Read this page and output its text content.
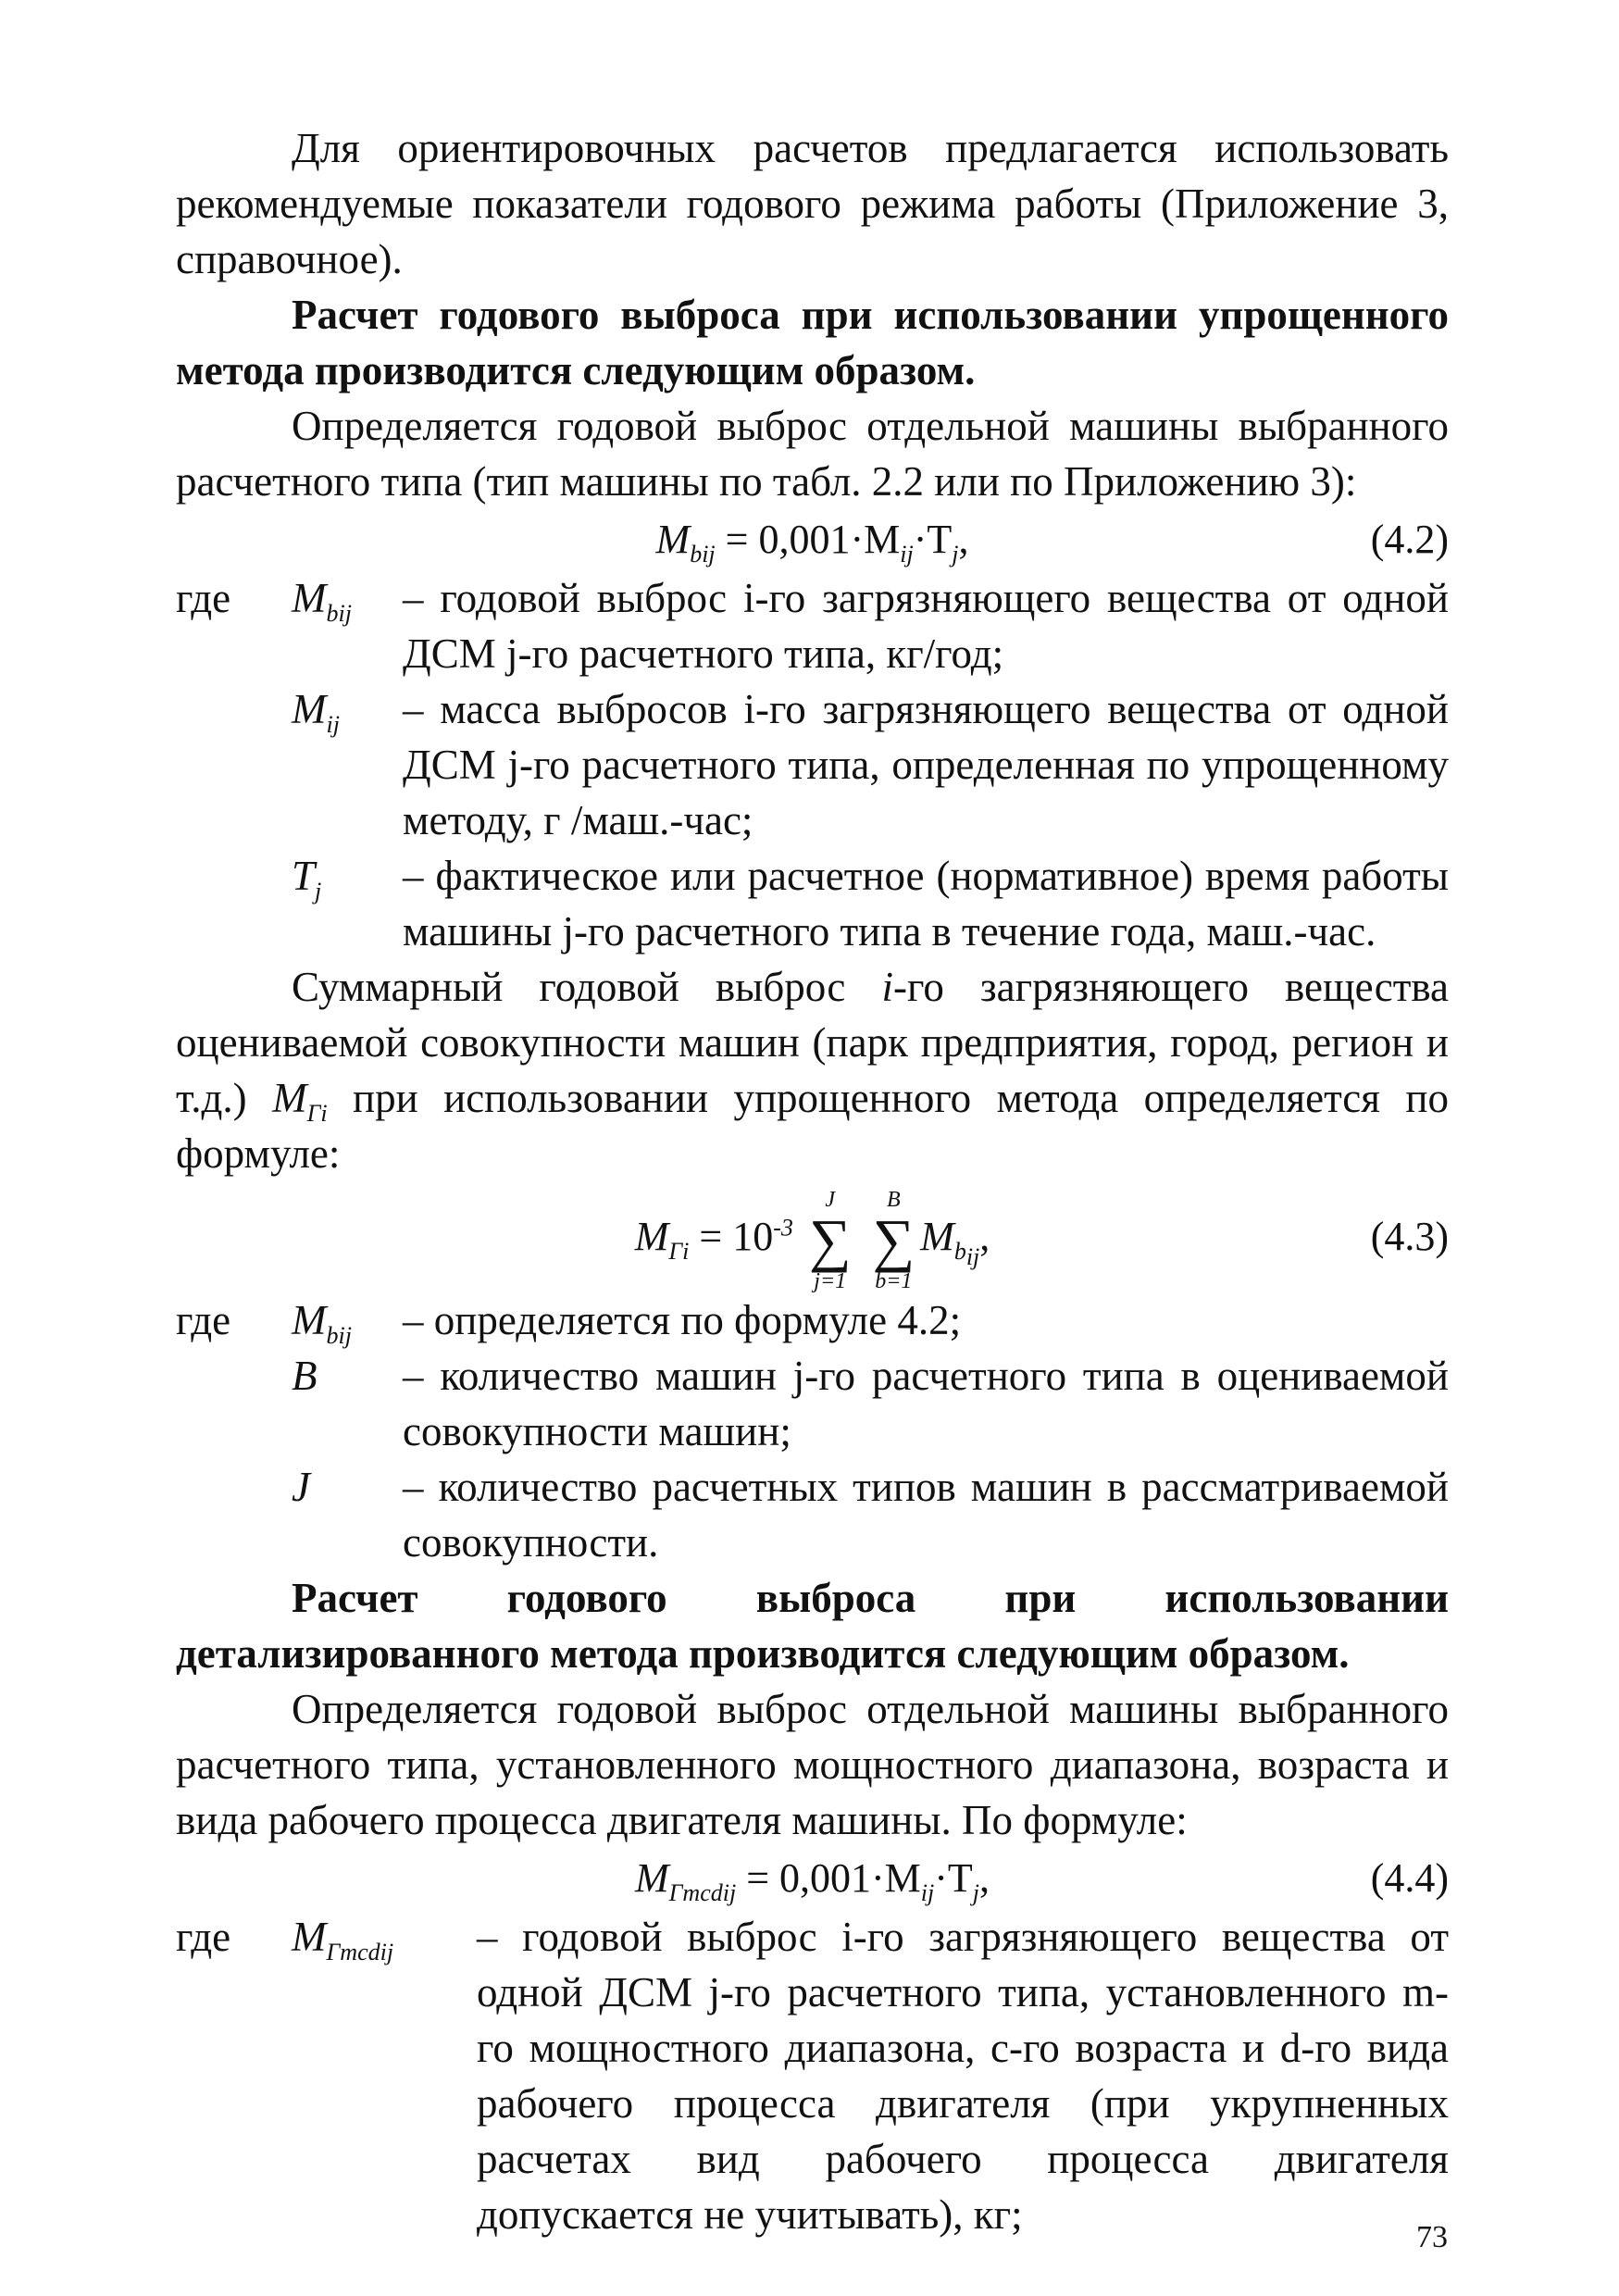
Для ориентировочных расчетов предлагается использовать рекомендуемые показатели годового режима работы (Приложение 3, справочное).

Расчет годового выброса при использовании упрощенного метода производится следующим образом.

Определяется годовой выброс отдельной машины выбранного расчетного типа (тип машины по табл. 2.2 или по Приложению 3):

$M_{bij} = 0,001\cdot M_{ij}\cdot T_j$,	(4.2)
где	$M_{bij}$	– годовой выброс i-го загрязняющего вещества от одной ДСМ j-го расчетного типа, кг/год;
$M_{ij}$	– масса выбросов i-го загрязняющего вещества от одной ДСМ j-го расчетного типа, определенная по упрощенному методу, г /маш.-час;
$T_j$	– фактическое или расчетное (нормативное) время работы машины j-го расчетного типа в течение года, маш.-час.

Суммарный годовой выброс i-го загрязняющего вещества оцениваемой совокупности машин (парк предприятия, город, регион и т.д.) $M_{Гi}$ при использовании упрощенного метода определяется по формуле:

$M_{Гi} = 10^{-3}$
J
∑
j=1

B
∑
b=1
$M_{b_{ij}}$,	(4.3)
где	$M_{bij}$	– определяется по формуле 4.2;
B	– количество машин j-го расчетного типа в оцениваемой совокупности машин;
J	– количество расчетных типов машин в рассматриваемой совокупности.

Расчет годового выброса при использовании детализированного метода производится следующим образом.

Определяется годовой выброс отдельной машины выбранного расчетного типа, установленного мощностного диапазона, возраста и вида рабочего процесса двигателя машины. По формуле:

$M_{Гmcdij} = 0,001\cdot M_{ij}\cdot T_j$,	(4.4)
где	$M_{Гmcdij}$	– годовой выброс i-го загрязняющего вещества от одной ДСМ j-го расчетного типа, установленного m-го мощностного диапазона, c-го возраста и d-го вида рабочего процесса двигателя (при укрупненных расчетах вид рабочего процесса двигателя допускается не учитывать), кг;	73
